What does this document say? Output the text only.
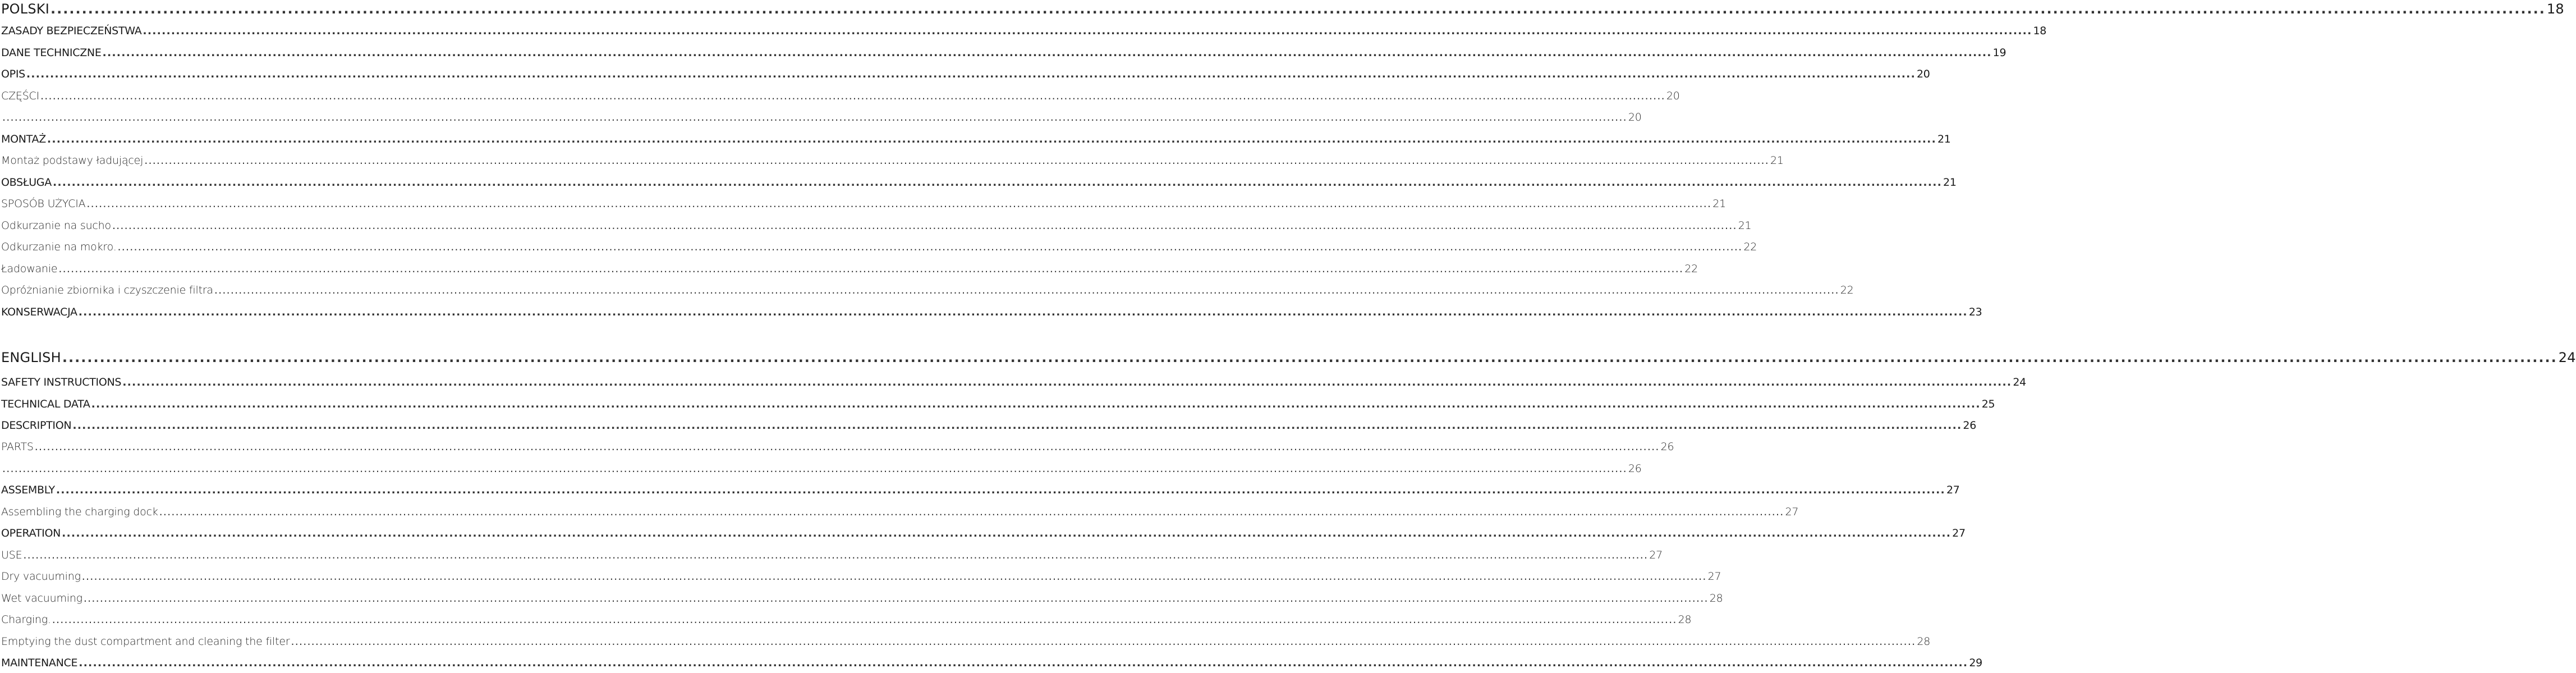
POLSKI ................................................................................................................................................................................................................................................................................................................................................................................................................ 18
ZASADY BEZPIECZEŃSTWA ................................................................................................................................................................................................................................................................................................................................................................................................................ 18
DANE TECHNICZNE ................................................................................................................................................................................................................................................................................................................................................................................................................ 19
OPIS ................................................................................................................................................................................................................................................................................................................................................................................................................ 20
CZĘŚCI ................................................................................................................................................................................................................................................................................................................................................................................................................ 20
................................................................................................................................................................................................................................................................................................................................................................................................................ 20
MONTAŻ ................................................................................................................................................................................................................................................................................................................................................................................................................ 21
Montaż podstawy ładującej ................................................................................................................................................................................................................................................................................................................................................................................................................ 21
OBSŁUGA ................................................................................................................................................................................................................................................................................................................................................................................................................ 21
SPOSÓB UŻYCIA ................................................................................................................................................................................................................................................................................................................................................................................................................ 21
Odkurzanie na sucho ................................................................................................................................................................................................................................................................................................................................................................................................................ 21
Odkurzanie na mokro. ................................................................................................................................................................................................................................................................................................................................................................................................................ 22
Ładowanie ................................................................................................................................................................................................................................................................................................................................................................................................................ 22
Opróżnianie zbiornika i czyszczenie filtra ................................................................................................................................................................................................................................................................................................................................................................................................................ 22
KONSERWACJA ................................................................................................................................................................................................................................................................................................................................................................................................................ 23
ENGLISH ................................................................................................................................................................................................................................................................................................................................................................................................................ 24
SAFETY INSTRUCTIONS ................................................................................................................................................................................................................................................................................................................................................................................................................ 24
TECHNICAL DATA ................................................................................................................................................................................................................................................................................................................................................................................................................ 25
DESCRIPTION ................................................................................................................................................................................................................................................................................................................................................................................................................ 26
PARTS ................................................................................................................................................................................................................................................................................................................................................................................................................ 26
................................................................................................................................................................................................................................................................................................................................................................................................................ 26
ASSEMBLY ................................................................................................................................................................................................................................................................................................................................................................................................................ 27
Assembling the charging dock ................................................................................................................................................................................................................................................................................................................................................................................................................ 27
OPERATION ................................................................................................................................................................................................................................................................................................................................................................................................................ 27
USE ................................................................................................................................................................................................................................................................................................................................................................................................................ 27
Dry vacuuming ................................................................................................................................................................................................................................................................................................................................................................................................................ 27
Wet vacuuming ................................................................................................................................................................................................................................................................................................................................................................................................................ 28
Charging. ................................................................................................................................................................................................................................................................................................................................................................................................................ 28
Emptying the dust compartment and cleaning the filter ................................................................................................................................................................................................................................................................................................................................................................................................................ 28
MAINTENANCE ................................................................................................................................................................................................................................................................................................................................................................................................................ 29
